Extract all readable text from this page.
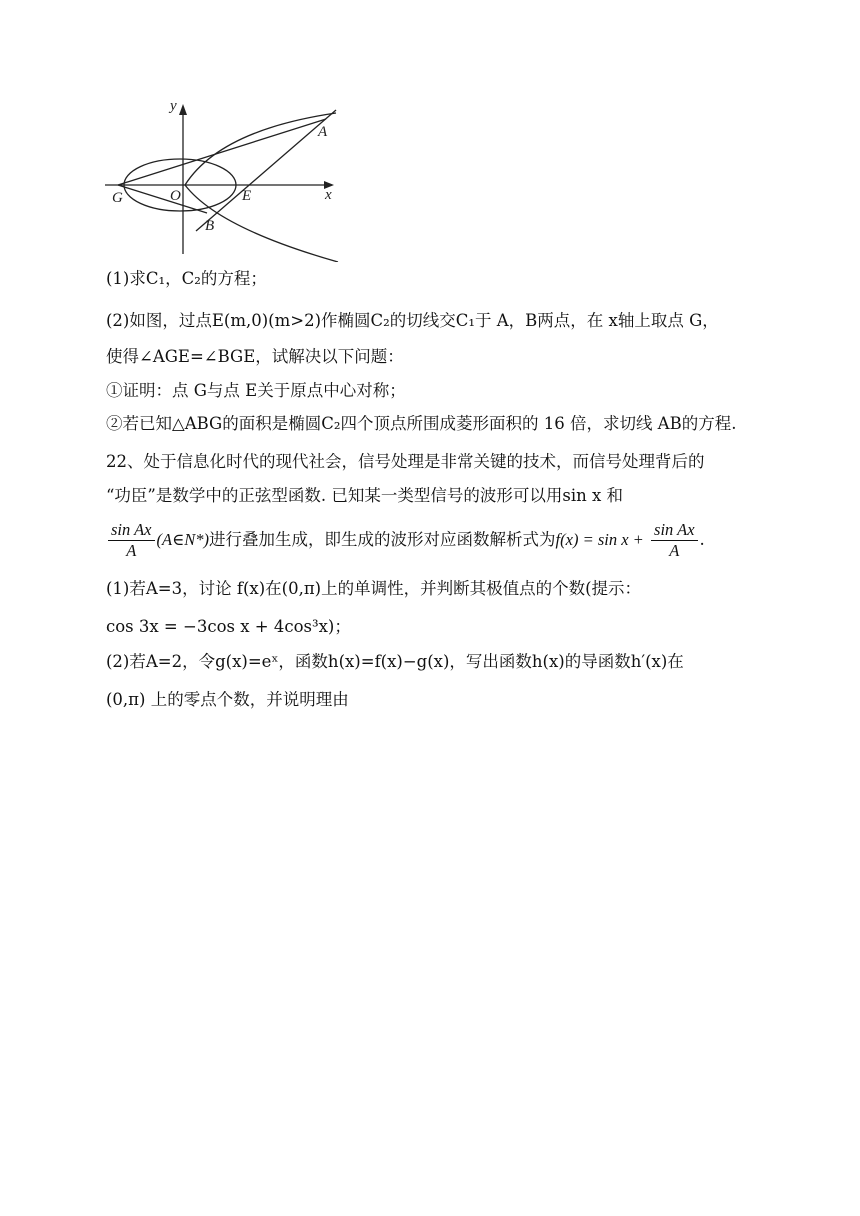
y
x
A
B
G	O	E
(1)求C₁，C₂的方程；
(2)如图，过点E(m,0)(m>2)作椭圆C₂的切线交C₁于 A，B两点，在 x轴上取点 G，
使得∠AGE=∠BGE，试解决以下问题：
①证明：点 G与点 E关于原点中心对称；
②若已知△ABG的面积是椭圆C₂四个顶点所围成菱形面积的 16 倍，求切线 AB的方程.
22、处于信息化时代的现代社会，信号处理是非常关键的技术，而信号处理背后的
“功臣”是数学中的正弦型函数. 已知某一类型信号的波形可以用sin x 和
$\frac{\text{sin Ax}}{A}$ (A∈N*)进行叠加生成，即生成的波形对应函数解析式为$f(x) = \sin x + \frac{\text{sin Ax}}{A}$ .
(1)若A=3，讨论 f(x)在(0,π)上的单调性，并判断其极值点的个数(提示：
cos 3x = −3cos x + 4cos³x)；
(2)若A=2，令g(x)=eˣ，函数h(x)=f(x)−g(x)，写出函数h(x)的导函数h′(x)在
(0,π) 上的零点个数，并说明理由
